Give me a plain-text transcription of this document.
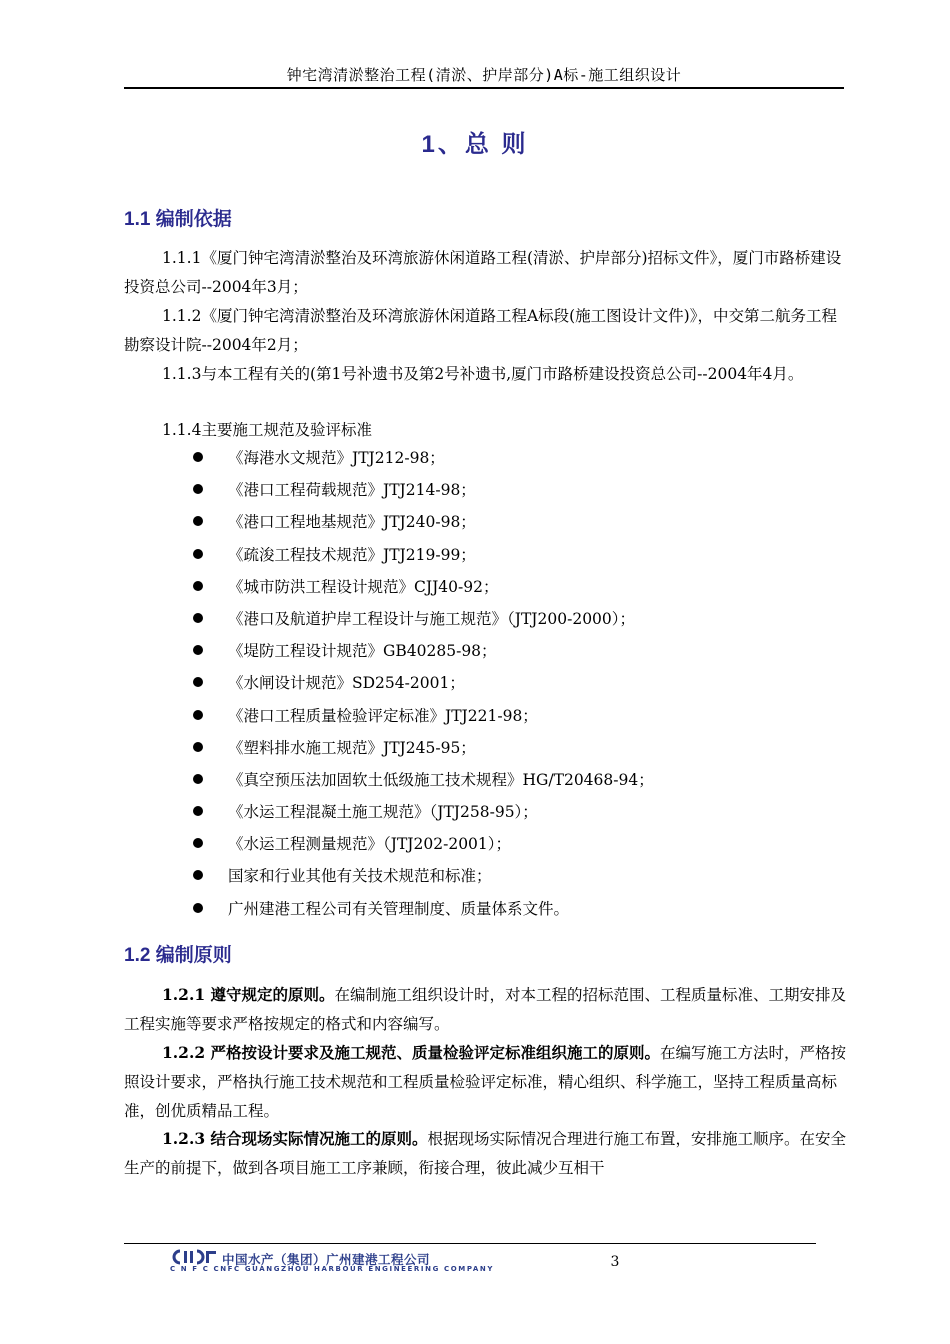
钟宅湾清淤整治工程(清淤、护岸部分)A标-施工组织设计
1、总 则
1.1 编制依据
1.1.1《厦门钟宅湾清淤整治及环湾旅游休闲道路工程(清淤、护岸部分)招标文件》，厦门市路桥建设投资总公司--2004年3月；
1.1.2《厦门钟宅湾清淤整治及环湾旅游休闲道路工程A标段(施工图设计文件)》，中交第二航务工程勘察设计院--2004年2月；
1.1.3与本工程有关的(第1号补遗书及第2号补遗书,厦门市路桥建设投资总公司--2004年4月。
1.1.4主要施工规范及验评标准
《海港水文规范》JTJ212-98；
《港口工程荷载规范》JTJ214-98；
《港口工程地基规范》JTJ240-98；
《疏浚工程技术规范》JTJ219-99；
《城市防洪工程设计规范》CJJ40-92；
《港口及航道护岸工程设计与施工规范》（JTJ200-2000）；
《堤防工程设计规范》GB40285-98；
《水闸设计规范》SD254-2001；
《港口工程质量检验评定标准》JTJ221-98；
《塑料排水施工规范》JTJ245-95；
《真空预压法加固软土低级施工技术规程》HG/T20468-94；
《水运工程混凝土施工规范》（JTJ258-95）；
《水运工程测量规范》（JTJ202-2001）；
国家和行业其他有关技术规范和标准；
广州建港工程公司有关管理制度、质量体系文件。
1.2 编制原则
1.2.1 遵守规定的原则。在编制施工组织设计时，对本工程的招标范围、工程质量标准、工期安排及工程实施等要求严格按规定的格式和内容编写。
1.2.2 严格按设计要求及施工规范、质量检验评定标准组织施工的原则。在编写施工方法时，严格按照设计要求，严格执行施工技术规范和工程质量检验评定标准，精心组织、科学施工，坚持工程质量高标准，创优质精品工程。
1.2.3 结合现场实际情况施工的原则。根据现场实际情况合理进行施工布置，安排施工顺序。在安全生产的前提下，做到各项目施工工序兼顾，衔接合理，彼此减少互相干
中国水产（集团）广州建港工程公司
C N F C CNFC GUANGZHOU HARBOUR ENGINEERING COMPANY	3
